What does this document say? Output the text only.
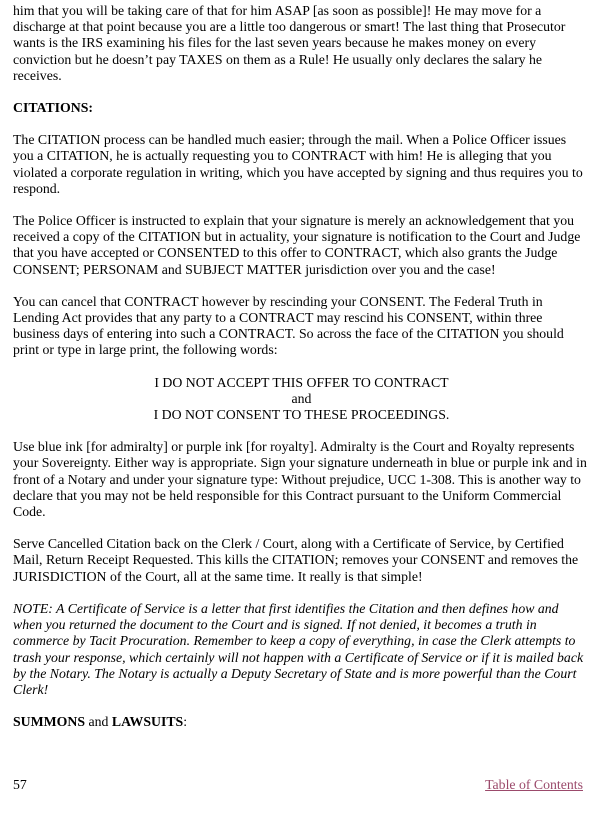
him that you will be taking care of that for him ASAP [as soon as possible]! He may move for a discharge at that point because you are a little too dangerous or smart! The last thing that Prosecutor wants is the IRS examining his files for the last seven years because he makes money on every conviction but he doesn’t pay TAXES on them as a Rule! He usually only declares the salary he receives.

CITATIONS:

The CITATION process can be handled much easier; through the mail. When a Police Officer issues you a CITATION, he is actually requesting you to CONTRACT with him! He is alleging that you violated a corporate regulation in writing, which you have accepted by signing and thus requires you to respond.

The Police Officer is instructed to explain that your signature is merely an acknowledgement that you received a copy of the CITATION but in actuality, your signature is notification to the Court and Judge that you have accepted or CONSENTED to this offer to CONTRACT, which also grants the Judge CONSENT; PERSONAM and SUBJECT MATTER jurisdiction over you and the case!

You can cancel that CONTRACT however by rescinding your CONSENT. The Federal Truth in Lending Act provides that any party to a CONTRACT may rescind his CONSENT, within three business days of entering into such a CONTRACT. So across the face of the CITATION you should print or type in large print, the following words:

I DO NOT ACCEPT THIS OFFER TO CONTRACT
and
I DO NOT CONSENT TO THESE PROCEEDINGS.

Use blue ink [for admiralty] or purple ink [for royalty]. Admiralty is the Court and Royalty represents your Sovereignty. Either way is appropriate. Sign your signature underneath in blue or purple ink and in front of a Notary and under your signature type: Without prejudice, UCC 1-308. This is another way to declare that you may not be held responsible for this Contract pursuant to the Uniform Commercial Code.

Serve Cancelled Citation back on the Clerk / Court, along with a Certificate of Service, by Certified Mail, Return Receipt Requested. This kills the CITATION; removes your CONSENT and removes the JURISDICTION of the Court, all at the same time. It really is that simple!

NOTE: A Certificate of Service is a letter that first identifies the Citation and then defines how and when you returned the document to the Court and is signed. If not denied, it becomes a truth in commerce by Tacit Procuration. Remember to keep a copy of everything, in case the Clerk attempts to trash your response, which certainly will not happen with a Certificate of Service or if it is mailed back by the Notary. The Notary is actually a Deputy Secretary of State and is more powerful than the Court Clerk!

SUMMONS and LAWSUITS:

57	Table of Contents
